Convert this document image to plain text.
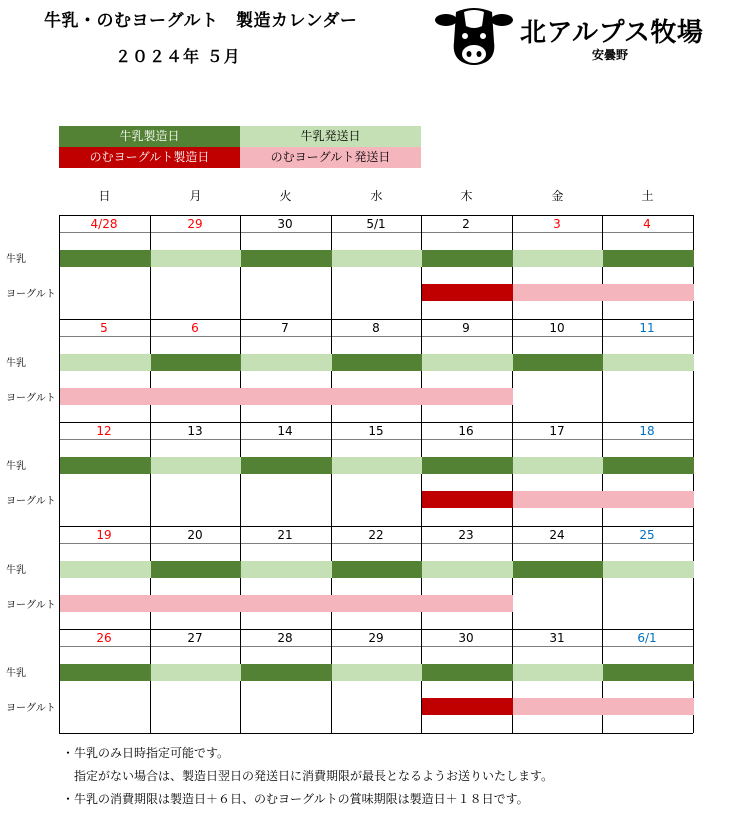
牛乳・のむヨーグルト　製造カレンダー
２０２４年 ５月
北アルプス牧場
安曇野
牛乳製造日	牛乳発送日
のむヨーグルト製造日	のむヨーグルト発送日
日	月	火	水	木	金	土
牛乳
ヨーグルト
4/28	29	30	5/1	2	3	4
牛乳
ヨーグルト
5	6	7	8	9	10	11
牛乳
ヨーグルト
12	13	14	15	16	17	18
牛乳
ヨーグルト
19	20	21	22	23	24	25
牛乳
ヨーグルト
26	27	28	29	30	31	6/1
・牛乳のみ日時指定可能です。
　指定がない場合は、製造日翌日の発送日に消費期限が最長となるようお送りいたします。
・牛乳の消費期限は製造日＋６日、のむヨーグルトの賞味期限は製造日＋１８日です。
